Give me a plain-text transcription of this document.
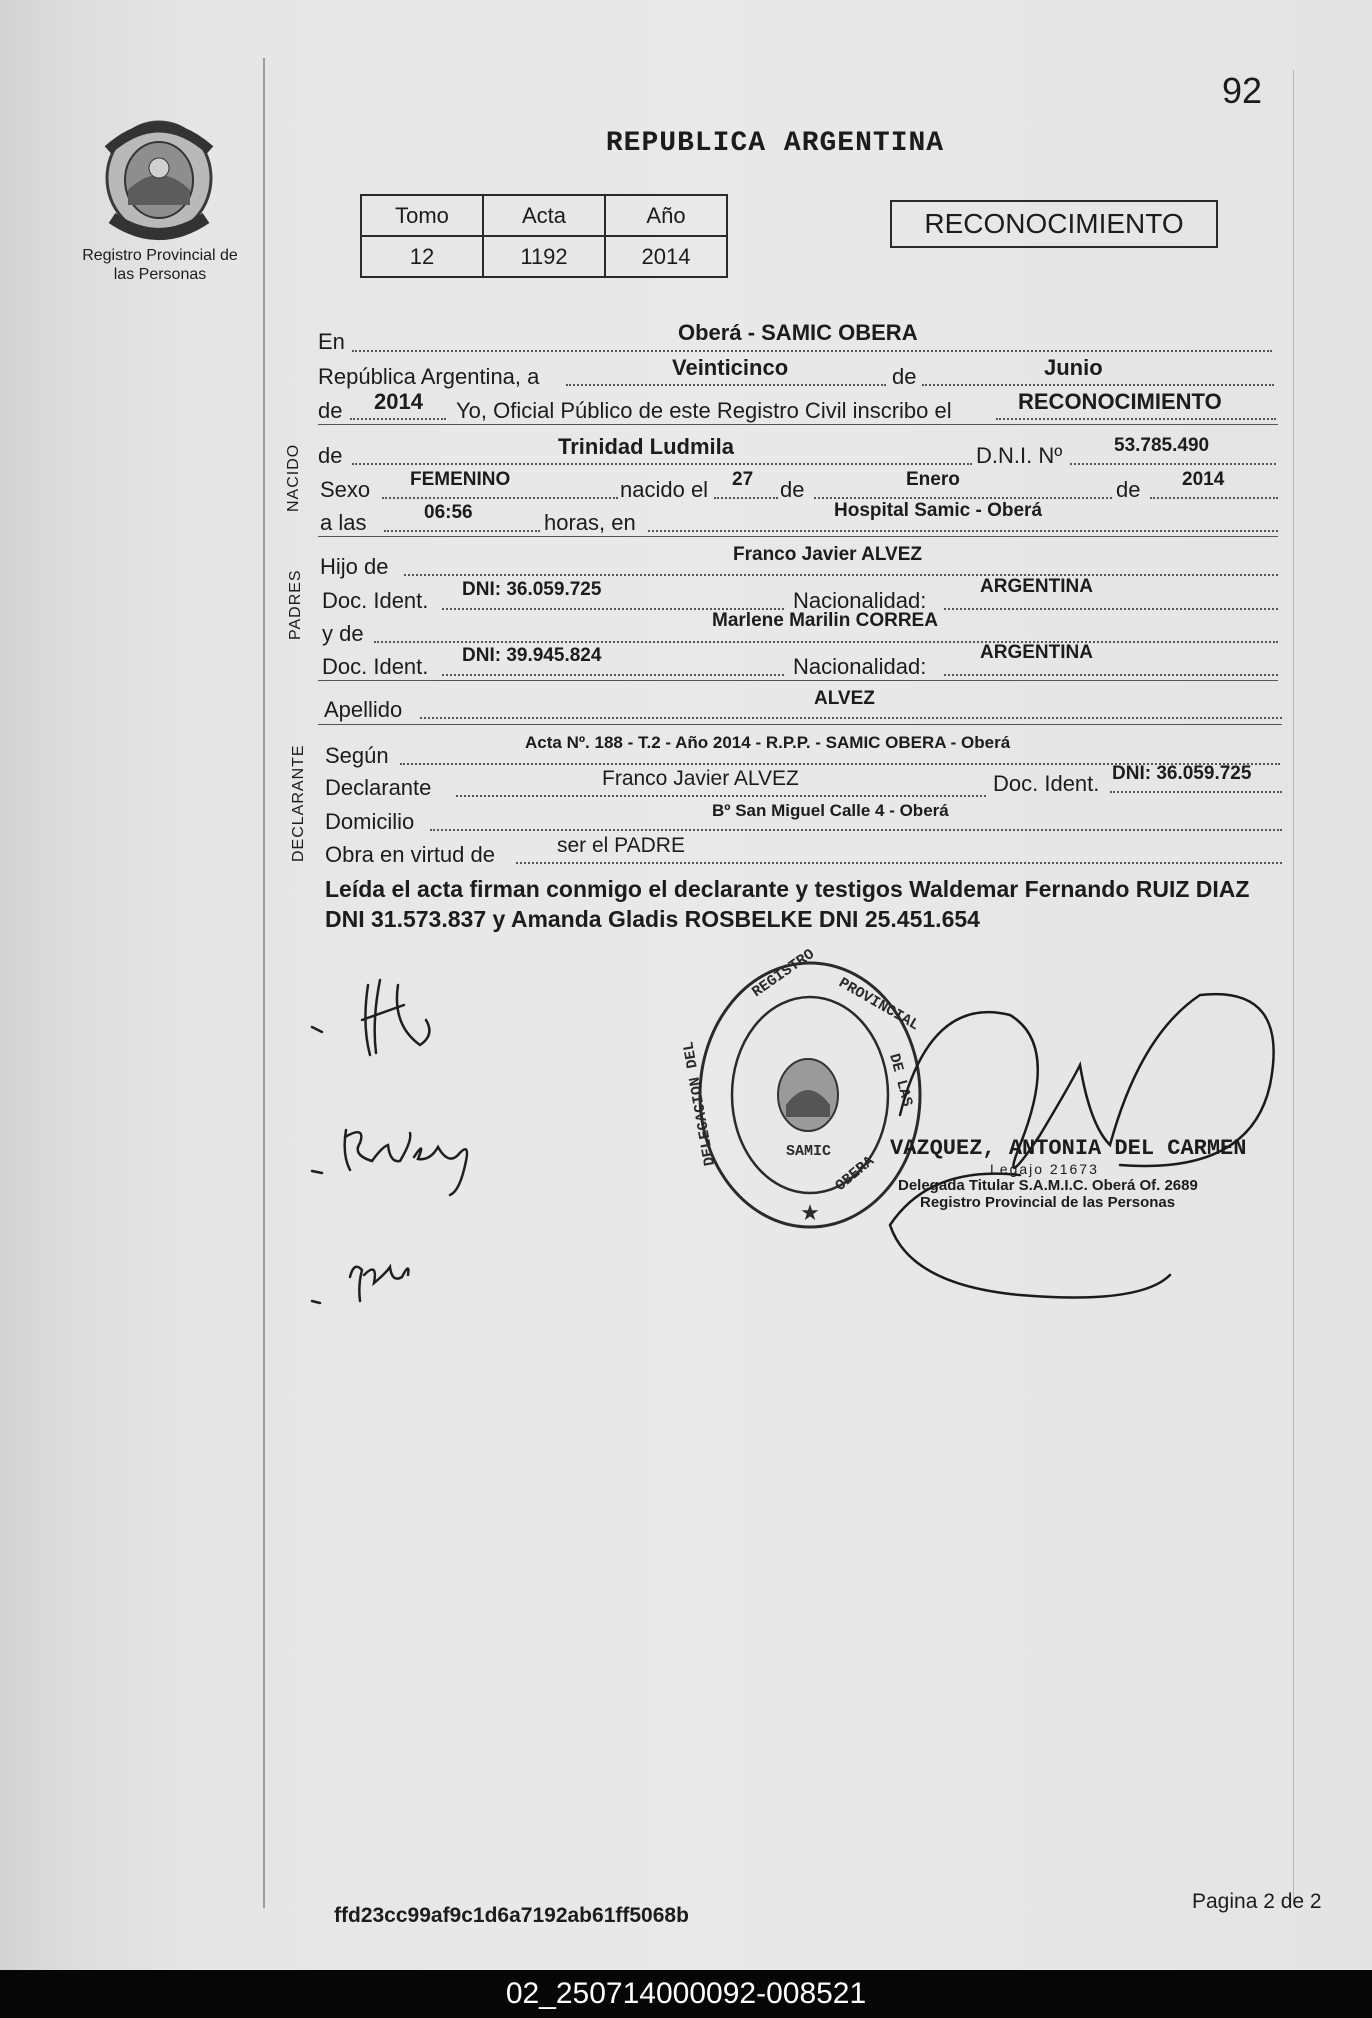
Registro Provincial de las Personas
92
REPUBLICA ARGENTINA
Tomo	Acta	Año
12	1192	2014
RECONOCIMIENTO
NACIDO
PADRES
DECLARANTE
En	Oberá - SAMIC OBERA
República Argentina, a	Veinticinco	de	Junio
de 2014 Yo, Oficial Público de este Registro Civil inscribo el	RECONOCIMIENTO
de	Trinidad Ludmila	D.N.I. Nº	53.785.490
Sexo FEMENINO	nacido el 27 de	Enero	de 2014
a las	06:56	horas, en	Hospital Samic - Oberá
Hijo de	Franco Javier ALVEZ
Doc. Ident. DNI: 36.059.725	Nacionalidad:
ARGENTINA
y de
Marlene Marilin CORREA
Doc. Ident. DNI: 39.945.824	Nacionalidad:
ARGENTINA
Apellido	ALVEZ
Según
Acta Nº. 188 - T.2 - Año 2014 - R.P.P. - SAMIC OBERA - Oberá
Declarante	Franco Javier ALVEZ	Doc. Ident. DNI: 36.059.725
Domicilio	Bº San Miguel Calle 4 - Oberá
Obra en virtud de	ser el PADRE
Leída el acta firman conmigo el declarante y testigos Waldemar Fernando RUIZ DIAZ DNI 31.573.837 y Amanda Gladis ROSBELKE DNI 25.451.654
★
REGISTRO
PROVINCIAL
DE LAS
DELEGACION DEL	SAMIC
OBERA
VAZQUEZ, ANTONIA DEL CARMEN
Legajo 21673
Delegada Titular S.A.M.I.C. Oberá Of. 2689
Registro Provincial de las Personas
ffd23cc99af9c1d6a7192ab61ff5068b
Pagina 2 de 2
02_250714000092-008521
